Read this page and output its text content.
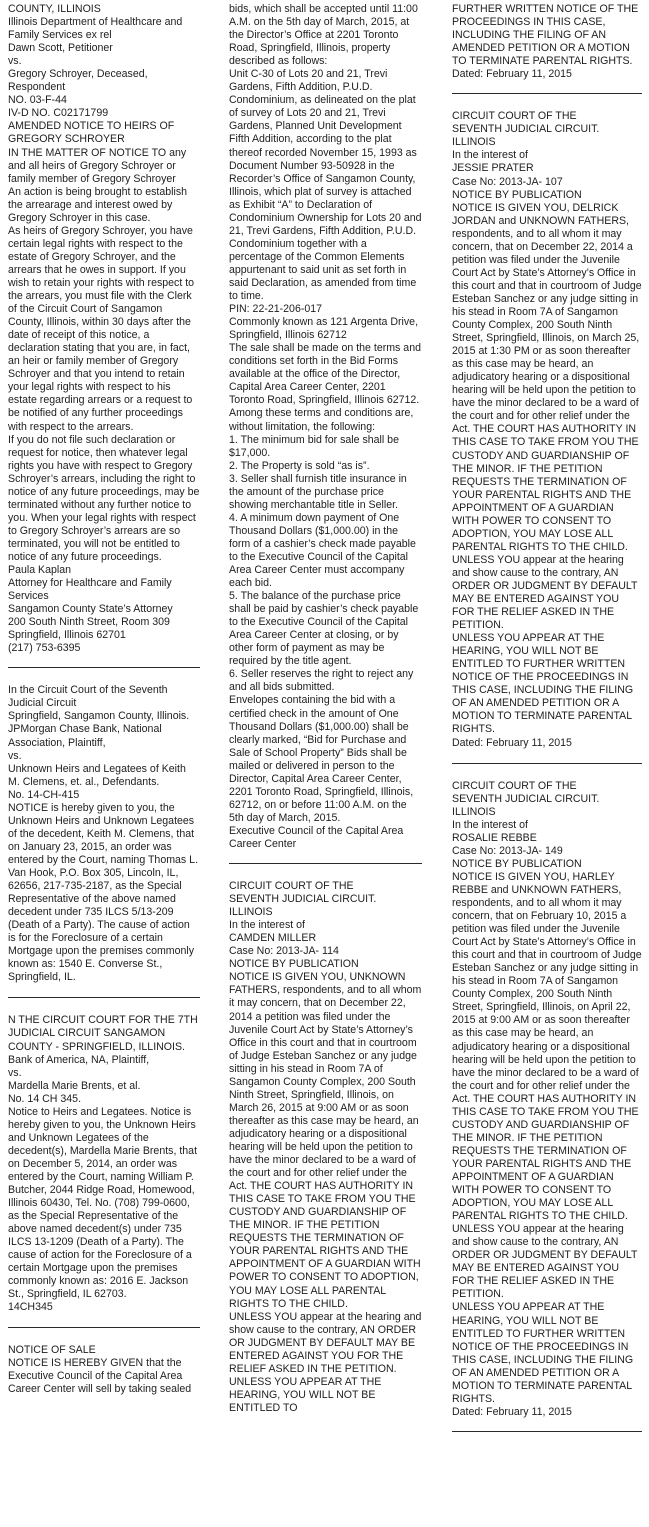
COUNTY, ILLINOIS

Illinois Department of Healthcare and Family Services ex rel

Dawn Scott, Petitioner

vs.

Gregory Schroyer, Deceased, Respondent

NO. 03-F-44

IV-D NO. C02171799

AMENDED NOTICE TO HEIRS OF GREGORY SCHROYER

IN THE MATTER OF NOTICE TO any and all heirs of Gregory Schroyer or family member of Gregory Schroyer

An action is being brought to establish the arrearage and interest owed by Gregory Schroyer in this case.

As heirs of Gregory Schroyer, you have certain legal rights with respect to the estate of Gregory Schroyer, and the arrears that he owes in support. If you wish to retain your rights with respect to the arrears, you must file with the Clerk of the Circuit Court of Sangamon County, Illinois, within 30 days after the date of receipt of this notice, a declaration stating that you are, in fact, an heir or family member of Gregory Schroyer and that you intend to retain your legal rights with respect to his estate regarding arrears or a request to be notified of any further proceedings with respect to the arrears.

If you do not file such declaration or request for notice, then whatever legal rights you have with respect to Gregory Schroyer’s arrears, including the right to notice of any future proceedings, may be terminated without any further notice to you. When your legal rights with respect to Gregory Schroyer’s arrears are so terminated, you will not be entitled to notice of any future proceedings.

Paula Kaplan

Attorney for Healthcare and Family Services

Sangamon County State’s Attorney

200 South Ninth Street, Room 309

Springfield, Illinois 62701

(217) 753-6395

In the Circuit Court of the Seventh Judicial Circuit

Springfield, Sangamon County, Illinois.

JPMorgan Chase Bank, National Association, Plaintiff,

vs.

Unknown Heirs and Legatees of Keith M. Clemens, et. al., Defendants.

No. 14-CH-415

NOTICE is hereby given to you, the Unknown Heirs and Unknown Legatees of the decedent, Keith M. Clemens, that on January 23, 2015, an order was entered by the Court, naming Thomas L. Van Hook, P.O. Box 305, Lincoln, IL, 62656, 217-735-2187, as the Special Representative of the above named decedent under 735 ILCS 5/13-209 (Death of a Party). The cause of action is for the Foreclosure of a certain Mortgage upon the premises commonly known as: 1540 E. Converse St., Springfield, IL.

N THE CIRCUIT COURT FOR THE 7TH JUDICIAL CIRCUIT SANGAMON COUNTY - SPRINGFIELD, ILLINOIS.

Bank of America, NA, Plaintiff,

vs.

Mardella Marie Brents, et al.

No. 14 CH 345.

Notice to Heirs and Legatees. Notice is hereby given to you, the Unknown Heirs and Unknown Legatees of the decedent(s), Mardella Marie Brents, that on December 5, 2014, an order was entered by the Court, naming William P. Butcher, 2044 Ridge Road, Homewood, Illinois 60430, Tel. No. (708) 799-0600, as the Special Representative of the above named decedent(s) under 735 ILCS 13-1209 (Death of a Party). The cause of action for the Foreclosure of a certain Mortgage upon the premises commonly known as: 2016 E. Jackson St., Springfield, IL 62703.

14CH345

NOTICE OF SALE

NOTICE IS HEREBY GIVEN that the Executive Council of the Capital Area Career Center will sell by taking sealed

bids, which shall be accepted until 11:00 A.M. on the 5th day of March, 2015, at the Director’s Office at 2201 Toronto Road, Springfield, Illinois, property described as follows:

Unit C-30 of Lots 20 and 21, Trevi Gardens, Fifth Addition, P.U.D. Condominium, as delineated on the plat of survey of Lots 20 and 21, Trevi Gardens, Planned Unit Development Fifth Addition, according to the plat thereof recorded November 15, 1993 as Document Number 93-50928 in the Recorder’s Office of Sangamon County, Illinois, which plat of survey is attached as Exhibit “A” to Declaration of Condominium Ownership for Lots 20 and 21, Trevi Gardens, Fifth Addition, P.U.D. Condominium together with a percentage of the Common Elements appurtenant to said unit as set forth in said Declaration, as amended from time to time.

PIN: 22-21-206-017

Commonly known as 121 Argenta Drive, Springfield, Illinois 62712

The sale shall be made on the terms and conditions set forth in the Bid Forms available at the office of the Director, Capital Area Career Center, 2201 Toronto Road, Springfield, Illinois 62712. Among these terms and conditions are, without limitation, the following:

1. The minimum bid for sale shall be $17,000.

2. The Property is sold “as is”.

3. Seller shall furnish title insurance in the amount of the purchase price showing merchantable title in Seller.

4. A minimum down payment of One Thousand Dollars ($1,000.00) in the form of a cashier’s check made payable to the Executive Council of the Capital Area Career Center must accompany each bid.

5. The balance of the purchase price shall be paid by cashier’s check payable to the Executive Council of the Capital Area Career Center at closing, or by other form of payment as may be required by the title agent.

6. Seller reserves the right to reject any and all bids submitted.

Envelopes containing the bid with a certified check in the amount of One Thousand Dollars ($1,000.00) shall be clearly marked, “Bid for Purchase and Sale of School Property” Bids shall be mailed or delivered in person to the Director, Capital Area Career Center, 2201 Toronto Road, Springfield, Illinois, 62712, on or before 11:00 A.M. on the 5th day of March, 2015.

Executive Council of the Capital Area Career Center

CIRCUIT COURT OF THE

SEVENTH JUDICIAL CIRCUIT. ILLINOIS

In the interest of

CAMDEN MILLER

Case No: 2013-JA- 114

NOTICE BY PUBLICATION

NOTICE IS GIVEN YOU, UNKNOWN FATHERS, respondents, and to all whom it may concern, that on December 22, 2014 a petition was filed under the Juvenile Court Act by State’s Attorney’s Office in this court and that in courtroom of Judge Esteban Sanchez or any judge sitting in his stead in Room 7A of Sangamon County Complex, 200 South Ninth Street, Springfield, Illinois, on March 26, 2015 at 9:00 AM or as soon thereafter as this case may be heard, an adjudicatory hearing or a dispositional hearing will be held upon the petition to have the minor declared to be a ward of the court and for other relief under the Act. THE COURT HAS AUTHORITY IN THIS CASE TO TAKE FROM YOU THE CUSTODY AND GUARDIANSHIP OF THE MINOR. IF THE PETITION REQUESTS THE TERMINATION OF YOUR PARENTAL RIGHTS AND THE APPOINTMENT OF A GUARDIAN WITH POWER TO CONSENT TO ADOPTION, YOU MAY LOSE ALL PARENTAL RIGHTS TO THE CHILD.

UNLESS YOU appear at the hearing and show cause to the contrary, AN ORDER OR JUDGMENT BY DEFAULT MAY BE ENTERED AGAINST YOU FOR THE RELIEF ASKED IN THE PETITION.

UNLESS YOU APPEAR AT THE HEARING, YOU WILL NOT BE ENTITLED TO

FURTHER WRITTEN NOTICE OF THE PROCEEDINGS IN THIS CASE, INCLUDING THE FILING OF AN AMENDED PETITION OR A MOTION TO TERMINATE PARENTAL RIGHTS.

Dated: February 11, 2015

CIRCUIT COURT OF THE

SEVENTH JUDICIAL CIRCUIT. ILLINOIS

In the interest of

JESSIE PRATER

Case No: 2013-JA- 107

NOTICE BY PUBLICATION

NOTICE IS GIVEN YOU, DELRICK JORDAN and UNKNOWN FATHERS, respondents, and to all whom it may concern, that on December 22, 2014 a petition was filed under the Juvenile Court Act by State’s Attorney’s Office in this court and that in courtroom of Judge Esteban Sanchez or any judge sitting in his stead in Room 7A of Sangamon County Complex, 200 South Ninth Street, Springfield, Illinois, on March 25, 2015 at 1:30 PM or as soon thereafter as this case may be heard, an adjudicatory hearing or a dispositional hearing will be held upon the petition to have the minor declared to be a ward of the court and for other relief under the Act. THE COURT HAS AUTHORITY IN THIS CASE TO TAKE FROM YOU THE CUSTODY AND GUARDIANSHIP OF THE MINOR. IF THE PETITION REQUESTS THE TERMINATION OF YOUR PARENTAL RIGHTS AND THE APPOINTMENT OF A GUARDIAN WITH POWER TO CONSENT TO ADOPTION, YOU MAY LOSE ALL PARENTAL RIGHTS TO THE CHILD.

UNLESS YOU appear at the hearing and show cause to the contrary, AN ORDER OR JUDGMENT BY DEFAULT MAY BE ENTERED AGAINST YOU FOR THE RELIEF ASKED IN THE PETITION.

UNLESS YOU APPEAR AT THE HEARING, YOU WILL NOT BE ENTITLED TO FURTHER WRITTEN NOTICE OF THE PROCEEDINGS IN THIS CASE, INCLUDING THE FILING OF AN AMENDED PETITION OR A MOTION TO TERMINATE PARENTAL RIGHTS.

Dated: February 11, 2015

CIRCUIT COURT OF THE

SEVENTH JUDICIAL CIRCUIT. ILLINOIS

In the interest of

ROSALIE REBBE

Case No: 2013-JA- 149

NOTICE BY PUBLICATION

NOTICE IS GIVEN YOU, HARLEY REBBE and UNKNOWN FATHERS, respondents, and to all whom it may concern, that on February 10, 2015 a petition was filed under the Juvenile Court Act by State’s Attorney’s Office in this court and that in courtroom of Judge Esteban Sanchez or any judge sitting in his stead in Room 7A of Sangamon County Complex, 200 South Ninth Street, Springfield, Illinois, on April 22, 2015 at 9:00 AM or as soon thereafter as this case may be heard, an adjudicatory hearing or a dispositional hearing will be held upon the petition to have the minor declared to be a ward of the court and for other relief under the Act. THE COURT HAS AUTHORITY IN THIS CASE TO TAKE FROM YOU THE CUSTODY AND GUARDIANSHIP OF THE MINOR. IF THE PETITION REQUESTS THE TERMINATION OF YOUR PARENTAL RIGHTS AND THE APPOINTMENT OF A GUARDIAN WITH POWER TO CONSENT TO ADOPTION, YOU MAY LOSE ALL PARENTAL RIGHTS TO THE CHILD.

UNLESS YOU appear at the hearing and show cause to the contrary, AN ORDER OR JUDGMENT BY DEFAULT MAY BE ENTERED AGAINST YOU FOR THE RELIEF ASKED IN THE PETITION.

UNLESS YOU APPEAR AT THE HEARING, YOU WILL NOT BE ENTITLED TO FURTHER WRITTEN NOTICE OF THE PROCEEDINGS IN THIS CASE, INCLUDING THE FILING OF AN AMENDED PETITION OR A MOTION TO TERMINATE PARENTAL RIGHTS.

Dated: February 11, 2015
